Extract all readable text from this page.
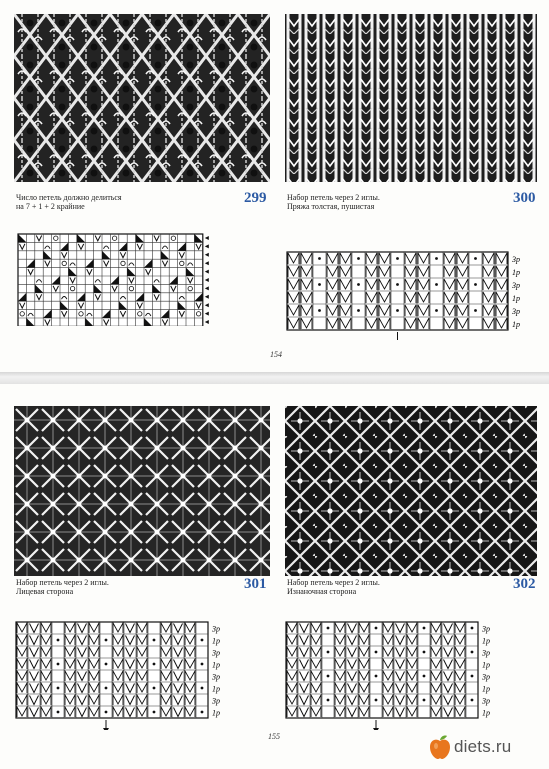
Число петель должно делиться
на 7 + 1 + 2 крайние
299	Набор петель через 2 иглы.
Пряжа толстая, пушистая
300
1р
3р
1р
3р
1р
3р
154
Набор петель через 2 иглы.
Лицевая сторона	301
1р
3р
1р
3р
1р
3р
1р
3р
Набор петель через 2 иглы.
Изнаночная сторона	302
1р
3р
1р
3р
1р
3р
1р
3р
155
diets.ru
